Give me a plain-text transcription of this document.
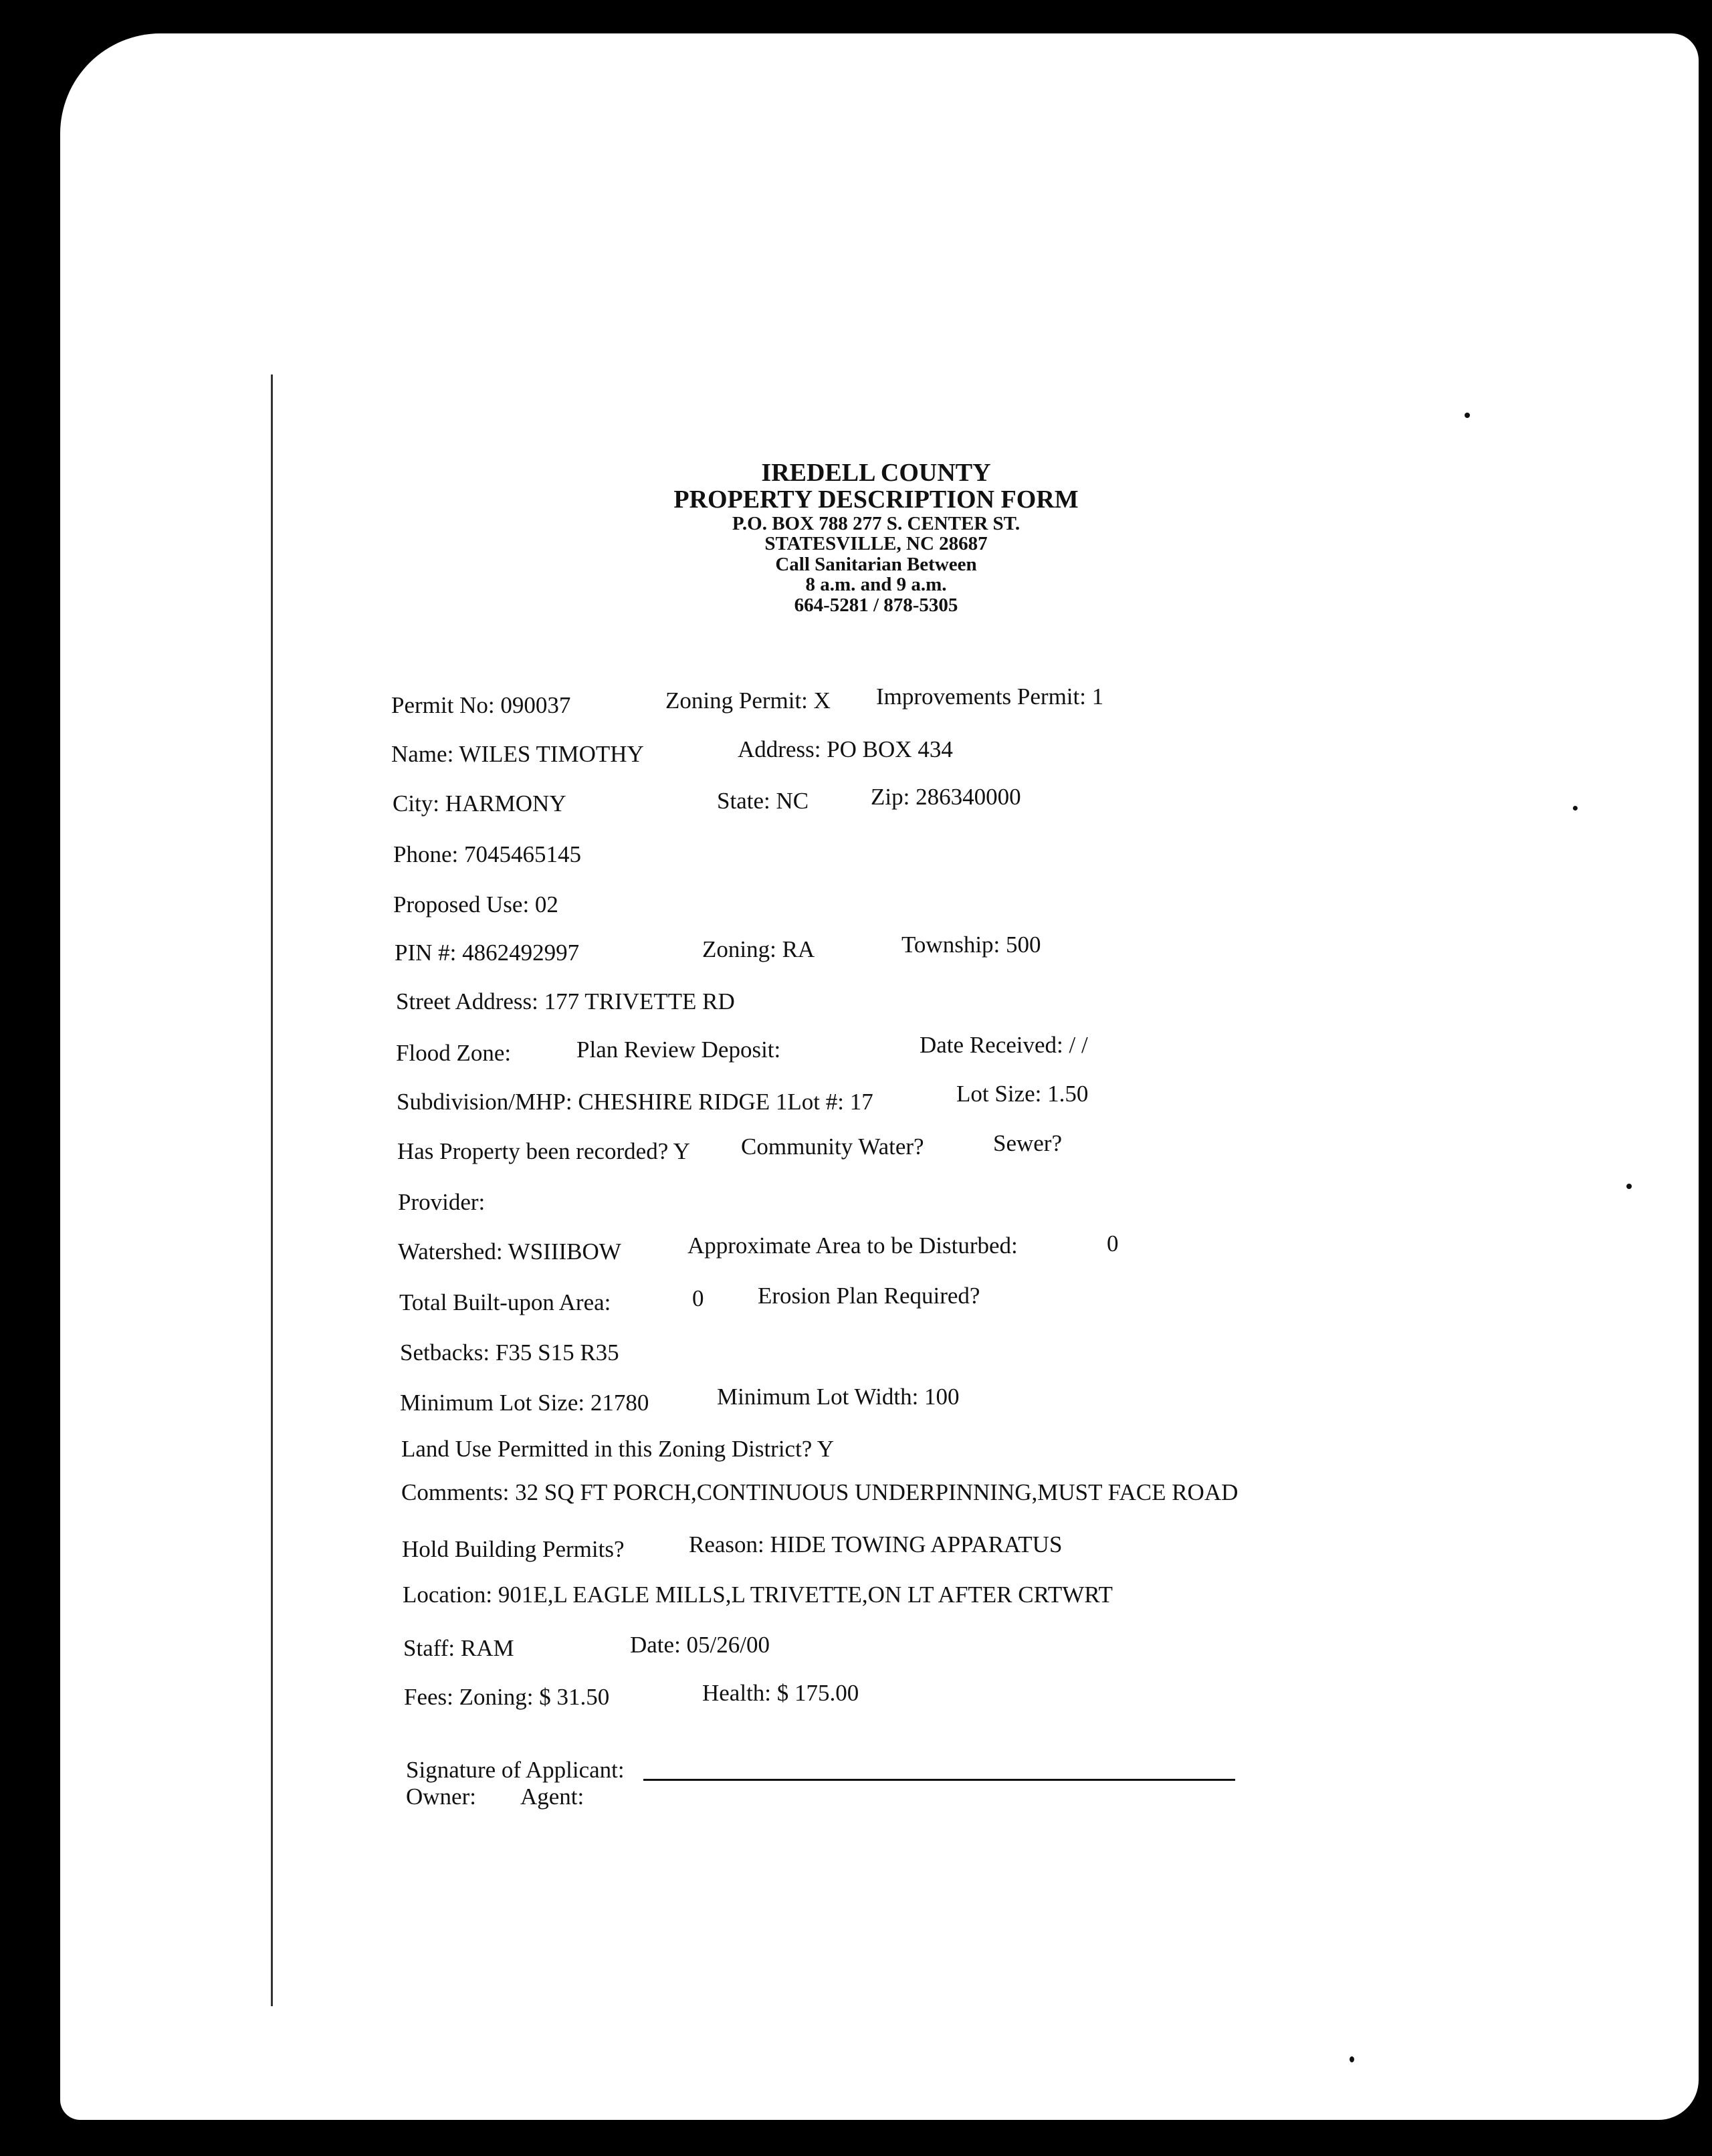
IREDELL COUNTY
PROPERTY DESCRIPTION FORM
P.O. BOX 788 277 S. CENTER ST.
STATESVILLE, NC 28687
Call Sanitarian Between
8 a.m. and 9 a.m.
664-5281 / 878-5305
Permit No: 090037	Zoning Permit: X Improvements Permit: 1
Name: WILES TIMOTHY	Address: PO BOX 434
City: HARMONY	State: NC	Zip: 286340000
Phone: 7045465145
Proposed Use: 02
PIN #: 4862492997	Zoning: RA	Township: 500
Street Address: 177 TRIVETTE RD
Flood Zone:	Plan Review Deposit:	Date Received: / /
Subdivision/MHP: CHESHIRE RIDGE 1Lot #: 17	Lot Size: 1.50
Has Property been recorded? Y Community Water?	Sewer?
Provider:
Watershed: WSIIIBOW	Approximate Area to be Disturbed:	0
Total Built-upon Area:	0 Erosion Plan Required?
Setbacks: F35 S15 R35
Minimum Lot Size: 21780	Minimum Lot Width: 100
Land Use Permitted in this Zoning District? Y
Comments: 32 SQ FT PORCH,CONTINUOUS UNDERPINNING,MUST FACE ROAD
Hold Building Permits?	Reason: HIDE TOWING APPARATUS
Location: 901E,L EAGLE MILLS,L TRIVETTE,ON LT AFTER CRTWRT
Staff: RAM	Date: 05/26/00
Fees: Zoning: $ 31.50	Health: $ 175.00
Signature of Applicant:
Owner: Agent:
